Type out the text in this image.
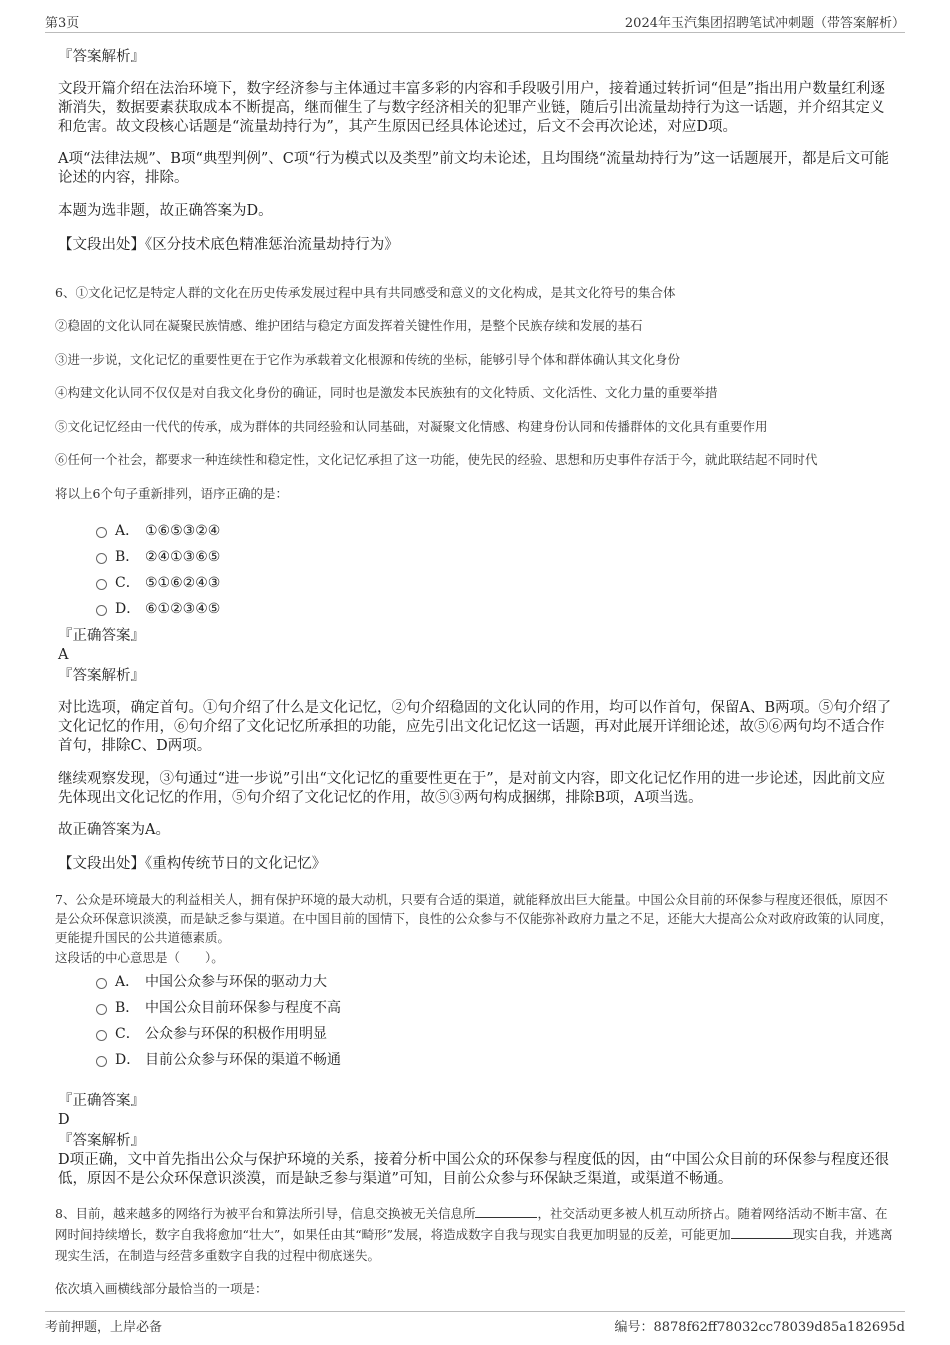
第3页	2024年玉汽集团招聘笔试冲刺题（带答案解析）

『答案解析』

文段开篇介绍在法治环境下，数字经济参与主体通过丰富多彩的内容和手段吸引用户，接着通过转折词“但是”指出用户数量红利逐渐消失，数据要素获取成本不断提高，继而催生了与数字经济相关的犯罪产业链，随后引出流量劫持行为这一话题，并介绍其定义和危害。故文段核心话题是“流量劫持行为”，其产生原因已经具体论述过，后文不会再次论述，对应D项。

A项“法律法规”、B项“典型判例”、C项“行为模式以及类型”前文均未论述，且均围绕“流量劫持行为”这一话题展开，都是后文可能论述的内容，排除。

本题为选非题，故正确答案为D。

【文段出处】《区分技术底色精准惩治流量劫持行为》

6、①文化记忆是特定人群的文化在历史传承发展过程中具有共同感受和意义的文化构成，是其文化符号的集合体

②稳固的文化认同在凝聚民族情感、维护团结与稳定方面发挥着关键性作用，是整个民族存续和发展的基石

③进一步说，文化记忆的重要性更在于它作为承载着文化根源和传统的坐标，能够引导个体和群体确认其文化身份

④构建文化认同不仅仅是对自我文化身份的确证，同时也是激发本民族独有的文化特质、文化活性、文化力量的重要举措

⑤文化记忆经由一代代的传承，成为群体的共同经验和认同基础，对凝聚文化情感、构建身份认同和传播群体的文化具有重要作用

⑥任何一个社会，都要求一种连续性和稳定性，文化记忆承担了这一功能，使先民的经验、思想和历史事件存活于今，就此联结起不同时代

将以上6个句子重新排列，语序正确的是：

A． ①⑥⑤③②④
B． ②④①③⑥⑤
C． ⑤①⑥②④③
D． ⑥①②③④⑤

『正确答案』

A

『答案解析』

对比选项，确定首句。①句介绍了什么是文化记忆，②句介绍稳固的文化认同的作用，均可以作首句，保留A、B两项。⑤句介绍了文化记忆的作用，⑥句介绍了文化记忆所承担的功能，应先引出文化记忆这一话题，再对此展开详细论述，故⑤⑥两句均不适合作首句，排除C、D两项。

继续观察发现，③句通过“进一步说”引出“文化记忆的重要性更在于”，是对前文内容，即文化记忆作用的进一步论述，因此前文应先体现出文化记忆的作用，⑤句介绍了文化记忆的作用，故⑤③两句构成捆绑，排除B项，A项当选。

故正确答案为A。

【文段出处】《重构传统节日的文化记忆》

7、公众是环境最大的利益相关人，拥有保护环境的最大动机，只要有合适的渠道，就能释放出巨大能量。中国公众目前的环保参与程度还很低，原因不是公众环保意识淡漠，而是缺乏参与渠道。在中国目前的国情下，良性的公众参与不仅能弥补政府力量之不足，还能大大提高公众对政府政策的认同度，更能提升国民的公共道德素质。

这段话的中心意思是（　　）。

A． 中国公众参与环保的驱动力大
B． 中国公众目前环保参与程度不高
C． 公众参与环保的积极作用明显
D． 目前公众参与环保的渠道不畅通

『正确答案』

D

『答案解析』

D项正确，文中首先指出公众与保护环境的关系，接着分析中国公众的环保参与程度低的因，由“中国公众目前的环保参与程度还很低，原因不是公众环保意识淡漠，而是缺乏参与渠道”可知，目前公众参与环保缺乏渠道，或渠道不畅通。

8、目前，越来越多的网络行为被平台和算法所引导，信息交换被无关信息所	，社交活动更多被人机互动所挤占。随着网络活动不断丰富、在网时间持续增长，数字自我将愈加“壮大”，如果任由其“畸形”发展，将造成数字自我与现实自我更加明显的反差，可能更加	现实自我，并逃离现实生活，在制造与经营多重数字自我的过程中彻底迷失。

依次填入画横线部分最恰当的一项是：

考前押题，上岸必备	编号：8878f62ff78032cc78039d85a182695d
